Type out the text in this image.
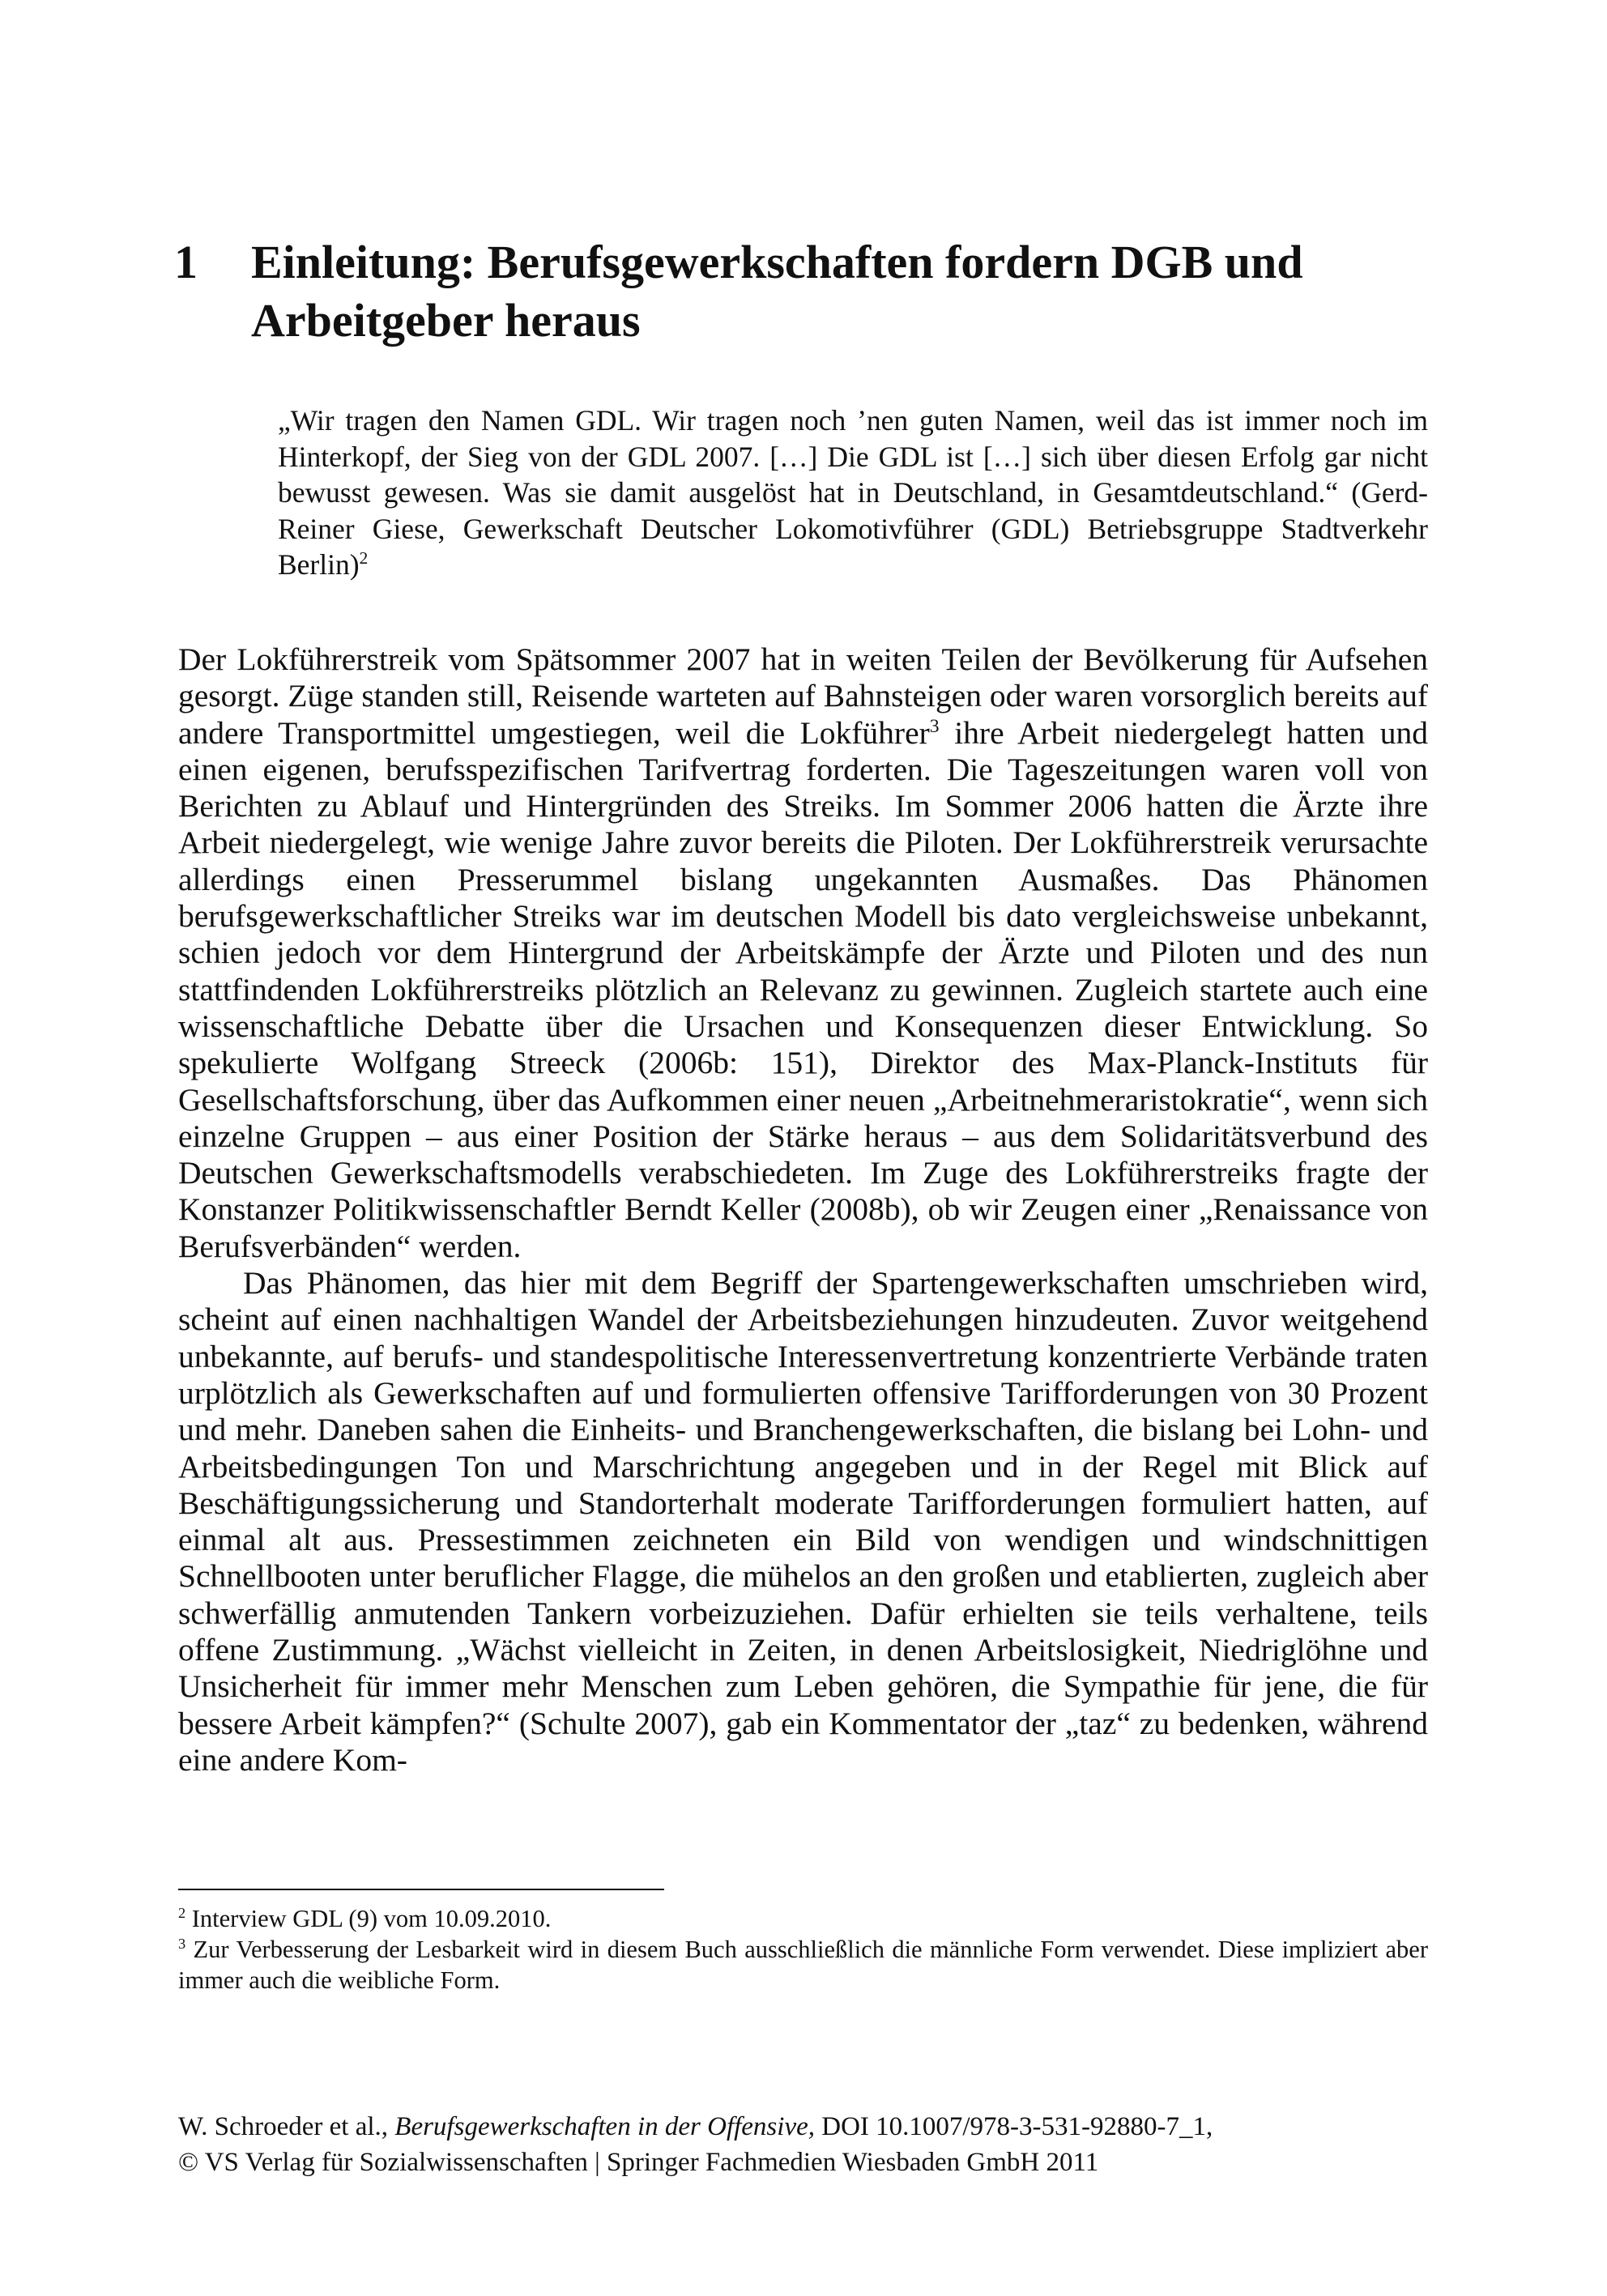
1 Einleitung: Berufsgewerkschaften fordern DGB und Arbeitgeber heraus
„Wir tragen den Namen GDL. Wir tragen noch ’nen guten Namen, weil das ist immer noch im Hinterkopf, der Sieg von der GDL 2007. […] Die GDL ist […] sich über diesen Erfolg gar nicht bewusst gewesen. Was sie damit ausgelöst hat in Deutschland, in Gesamtdeutschland.“ (Gerd-Reiner Giese, Gewerkschaft Deutscher Lokomotivführer (GDL) Betriebsgruppe Stadtverkehr Berlin)$^2$

Der Lokführerstreik vom Spätsommer 2007 hat in weiten Teilen der Bevölkerung für Aufsehen gesorgt. Züge standen still, Reisende warteten auf Bahnsteigen oder waren vorsorglich bereits auf andere Transportmittel umgestiegen, weil die Lokführer$^3$ ihre Arbeit niedergelegt hatten und einen eigenen, berufsspezifischen Tarifvertrag forderten. Die Tageszeitungen waren voll von Berichten zu Ablauf und Hintergründen des Streiks. Im Sommer 2006 hatten die Ärzte ihre Arbeit niedergelegt, wie wenige Jahre zuvor bereits die Piloten. Der Lokführerstreik verursachte allerdings einen Presserummel bislang ungekannten Ausmaßes. Das Phänomen berufsgewerkschaftlicher Streiks war im deutschen Modell bis dato vergleichsweise unbekannt, schien jedoch vor dem Hintergrund der Arbeitskämpfe der Ärzte und Piloten und des nun stattfindenden Lokführerstreiks plötzlich an Relevanz zu gewinnen. Zugleich startete auch eine wissenschaftliche Debatte über die Ursachen und Konsequenzen dieser Entwicklung. So spekulierte Wolfgang Streeck (2006b: 151), Direktor des Max-Planck-Instituts für Gesellschaftsforschung, über das Aufkommen einer neuen „Arbeitnehmeraristokratie“, wenn sich einzelne Gruppen – aus einer Position der Stärke heraus – aus dem Solidaritätsverbund des Deutschen Gewerkschaftsmodells verabschiedeten. Im Zuge des Lokführerstreiks fragte der Konstanzer Politikwissenschaftler Berndt Keller (2008b), ob wir Zeugen einer „Renaissance von Berufsverbänden“ werden.

Das Phänomen, das hier mit dem Begriff der Spartengewerkschaften umschrieben wird, scheint auf einen nachhaltigen Wandel der Arbeitsbeziehungen hinzudeuten. Zuvor weitgehend unbekannte, auf berufs- und standespolitische Interessenvertretung konzentrierte Verbände traten urplötzlich als Gewerkschaften auf und formulierten offensive Tarifforderungen von 30 Prozent und mehr. Daneben sahen die Einheits- und Branchengewerkschaften, die bislang bei Lohn- und Arbeitsbedingungen Ton und Marschrichtung angegeben und in der Regel mit Blick auf Beschäftigungssicherung und Standorterhalt moderate Tarifforderungen formuliert hatten, auf einmal alt aus. Pressestimmen zeichneten ein Bild von wendigen und windschnittigen Schnellbooten unter beruflicher Flagge, die mühelos an den großen und etablierten, zugleich aber schwerfällig anmutenden Tankern vorbeizuziehen. Dafür erhielten sie teils verhaltene, teils offene Zustimmung. „Wächst vielleicht in Zeiten, in denen Arbeitslosigkeit, Niedriglöhne und Unsicherheit für immer mehr Menschen zum Leben gehören, die Sympathie für jene, die für bessere Arbeit kämpfen?“ (Schulte 2007), gab ein Kommentator der „taz“ zu bedenken, während eine andere Kom-

$^2$ Interview GDL (9) vom 10.09.2010.

$^3$ Zur Verbesserung der Lesbarkeit wird in diesem Buch ausschließlich die männliche Form verwendet. Diese impliziert aber immer auch die weibliche Form.

W. Schroeder et al., Berufsgewerkschaften in der Offensive, DOI 10.1007/978-3-531-92880-7_1,

© VS Verlag für Sozialwissenschaften | Springer Fachmedien Wiesbaden GmbH 2011
